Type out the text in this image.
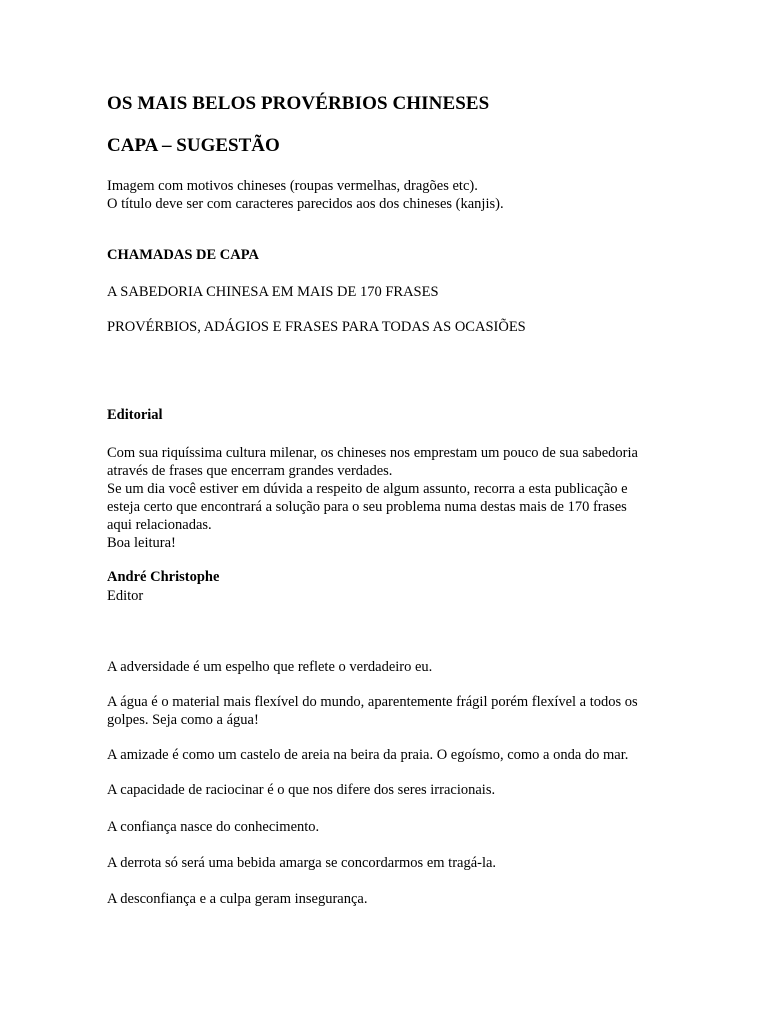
OS MAIS BELOS PROVÉRBIOS CHINESES
CAPA – SUGESTÃO
Imagem com motivos chineses (roupas vermelhas, dragões etc).
O título deve ser com caracteres parecidos aos dos chineses (kanjis).
CHAMADAS DE CAPA
A SABEDORIA CHINESA EM MAIS DE 170 FRASES
PROVÉRBIOS, ADÁGIOS E FRASES PARA TODAS AS OCASIÕES
Editorial
Com sua riquíssima cultura milenar, os chineses nos emprestam um pouco de sua sabedoria
através de frases que encerram grandes verdades.
Se um dia você estiver em dúvida a respeito de algum assunto, recorra a esta publicação e
esteja certo que encontrará a solução para o seu problema numa destas mais de 170 frases
aqui relacionadas.
Boa leitura!
André Christophe
Editor
A adversidade é um espelho que reflete o verdadeiro eu.
A água é o material mais flexível do mundo, aparentemente frágil porém flexível a todos os
golpes. Seja como a água!
A amizade é como um castelo de areia na beira da praia. O egoísmo, como a onda do mar.
A capacidade de raciocinar é o que nos difere dos seres irracionais.
A confiança nasce do conhecimento.
A derrota só será uma bebida amarga se concordarmos em tragá-la.
A desconfiança e a culpa geram insegurança.
